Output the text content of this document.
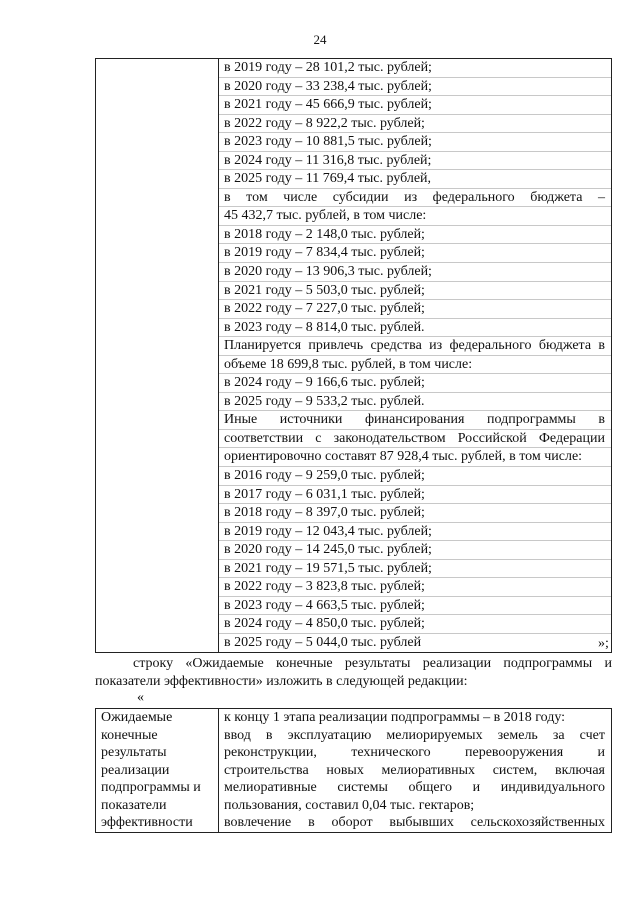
24

в 2019 году – 28 101,2 тыс. рублей;
в 2020 году – 33 238,4 тыс. рублей;
в 2021 году – 45 666,9 тыс. рублей;
в 2022 году – 8 922,2 тыс. рублей;
в 2023 году – 10 881,5 тыс. рублей;
в 2024 году – 11 316,8 тыс. рублей;
в 2025 году – 11 769,4 тыс. рублей,
в том числе субсидии из федерального бюджета –
45 432,7 тыс. рублей, в том числе:
в 2018 году – 2 148,0 тыс. рублей;
в 2019 году – 7 834,4 тыс. рублей;
в 2020 году – 13 906,3 тыс. рублей;
в 2021 году – 5 503,0 тыс. рублей;
в 2022 году – 7 227,0 тыс. рублей;
в 2023 году – 8 814,0 тыс. рублей.
Планируется привлечь средства из федерального бюджета в
объеме 18 699,8 тыс. рублей, в том числе:
в 2024 году – 9 166,6 тыс. рублей;
в 2025 году – 9 533,2 тыс. рублей.
Иные источники финансирования подпрограммы в
соответствии с законодательством Российской Федерации
ориентировочно составят 87 928,4 тыс. рублей, в том числе:
в 2016 году – 9 259,0 тыс. рублей;
в 2017 году – 6 031,1 тыс. рублей;
в 2018 году – 8 397,0 тыс. рублей;
в 2019 году – 12 043,4 тыс. рублей;
в 2020 году – 14 245,0 тыс. рублей;
в 2021 году – 19 571,5 тыс. рублей;
в 2022 году – 3 823,8 тыс. рублей;
в 2023 году – 4 663,5 тыс. рублей;
в 2024 году – 4 850,0 тыс. рублей;
в 2025 году – 5 044,0 тыс. рублей	»;
строку «Ожидаемые конечные результаты реализации подпрограммы и
показатели эффективности» изложить в следующей редакции:
«
Ожидаемые
конечные
результаты
реализации
подпрограммы и
показатели
эффективности

к концу 1 этапа реализации подпрограммы – в 2018 году:
ввод в эксплуатацию мелиорируемых земель за счет
реконструкции, технического перевооружения и
строительства новых мелиоративных систем, включая
мелиоративные системы общего и индивидуального
пользования, составил 0,04 тыс. гектаров;
вовлечение в оборот выбывших сельскохозяйственных
